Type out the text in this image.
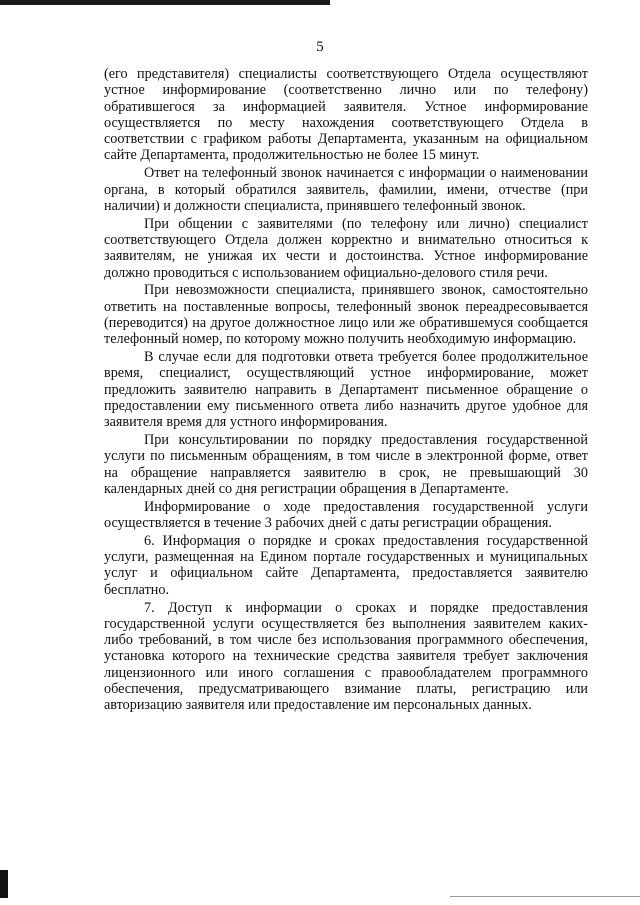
5

(его представителя) специалисты соответствующего Отдела осуществляют устное информирование (соответственно лично или по телефону) обратившегося за информацией заявителя. Устное информирование осуществляется по месту нахождения соответствующего Отдела в соответствии с графиком работы Департамента, указанным на официальном сайте Департамента, продолжительностью не более 15 минут.

Ответ на телефонный звонок начинается с информации о наименовании органа, в который обратился заявитель, фамилии, имени, отчестве (при наличии) и должности специалиста, принявшего телефонный звонок.

При общении с заявителями (по телефону или лично) специалист соответствующего Отдела должен корректно и внимательно относиться к заявителям, не унижая их чести и достоинства. Устное информирование должно проводиться с использованием официально-делового стиля речи.

При невозможности специалиста, принявшего звонок, самостоятельно ответить на поставленные вопросы, телефонный звонок переадресовывается (переводится) на другое должностное лицо или же обратившемуся сообщается телефонный номер, по которому можно получить необходимую информацию.

В случае если для подготовки ответа требуется более продолжительное время, специалист, осуществляющий устное информирование, может предложить заявителю направить в Департамент письменное обращение о предоставлении ему письменного ответа либо назначить другое удобное для заявителя время для устного информирования.

При консультировании по порядку предоставления государственной услуги по письменным обращениям, в том числе в электронной форме, ответ на обращение направляется заявителю в срок, не превышающий 30 календарных дней со дня регистрации обращения в Департаменте.

Информирование о ходе предоставления государственной услуги осуществляется в течение 3 рабочих дней с даты регистрации обращения.

6. Информация о порядке и сроках предоставления государственной услуги, размещенная на Едином портале государственных и муниципальных услуг и официальном сайте Департамента, предоставляется заявителю бесплатно.

7. Доступ к информации о сроках и порядке предоставления государственной услуги осуществляется без выполнения заявителем каких-либо требований, в том числе без использования программного обеспечения, установка которого на технические средства заявителя требует заключения лицензионного или иного соглашения с правообладателем программного обеспечения, предусматривающего взимание платы, регистрацию или авторизацию заявителя или предоставление им персональных данных.
